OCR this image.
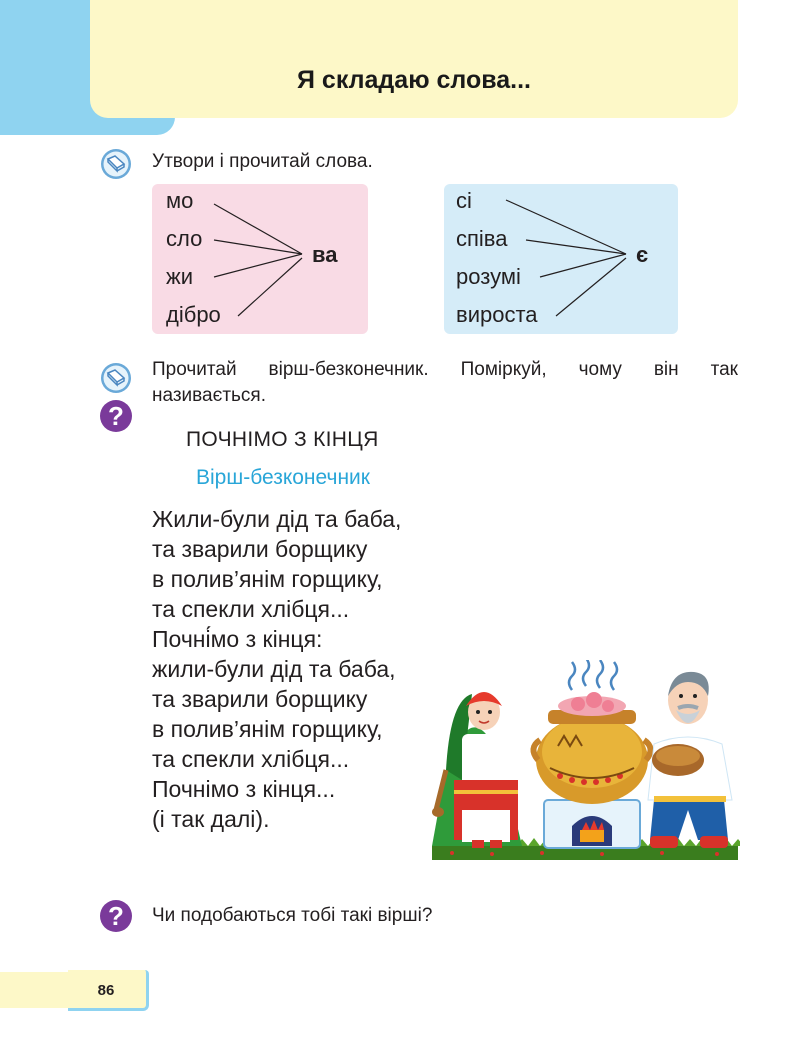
Я складаю слова...
Утвори і прочитай слова.
мо
сло
жи
дібро
ва
сі
співа
розумі
вироста
є
?
Прочитай вірш-безконечник. Поміркуй, чому він так
називається.
ПОЧНІМО З КІНЦЯ
Вірш-безконечник
Жили-були дід та баба,
та зварили борщику
в полив’янім горщику,
та спекли хлібця...
Почні́мо з кінця:
жили-були дід та баба,
та зварили борщику
в полив’янім горщику,
та спекли хлібця...
Почнімо з кінця...
(і так далі).
?	Чи подобаються тобі такі вірші?
86
